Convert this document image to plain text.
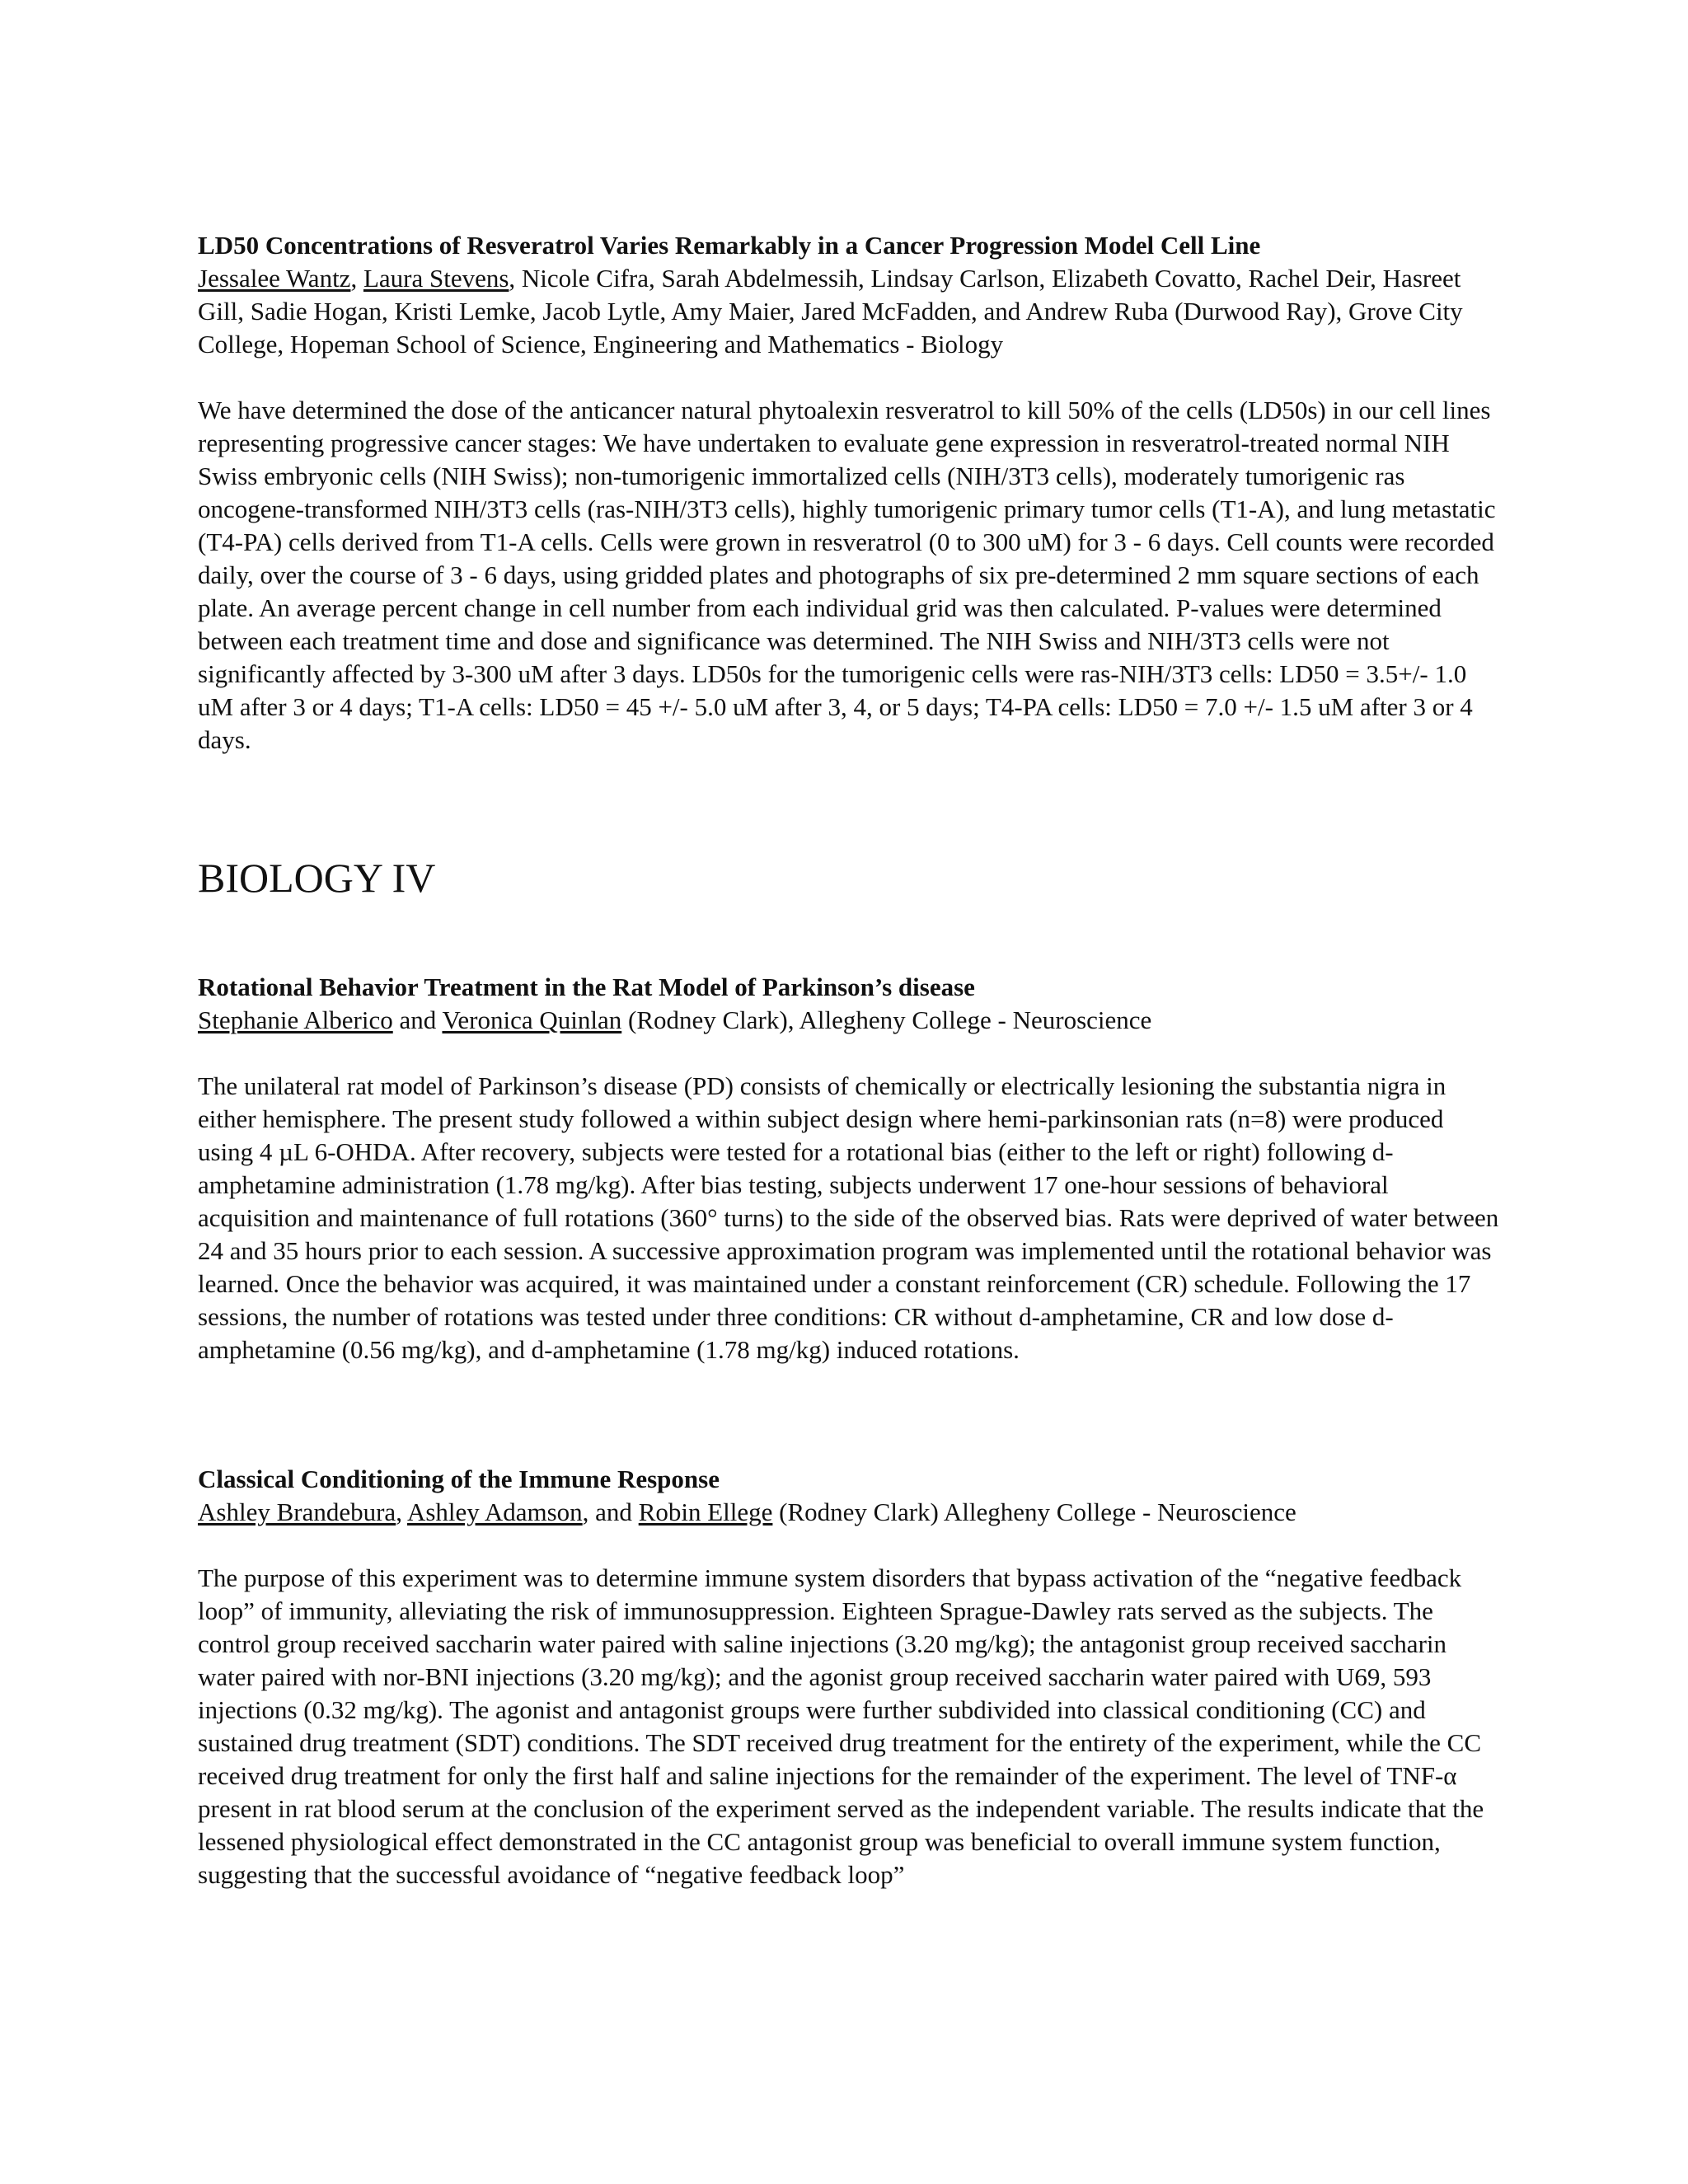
LD50 Concentrations of Resveratrol Varies Remarkably in a Cancer Progression Model Cell Line

Jessalee Wantz, Laura Stevens, Nicole Cifra, Sarah Abdelmessih, Lindsay Carlson, Elizabeth Covatto, Rachel Deir, Hasreet Gill, Sadie Hogan, Kristi Lemke, Jacob Lytle, Amy Maier, Jared McFadden, and Andrew Ruba (Durwood Ray), Grove City College, Hopeman School of Science, Engineering and Mathematics - Biology

We have determined the dose of the anticancer natural phytoalexin resveratrol to kill 50% of the cells (LD50s) in our cell lines representing progressive cancer stages: We have undertaken to evaluate gene expression in resveratrol-treated normal NIH Swiss embryonic cells (NIH Swiss); non-tumorigenic immortalized cells (NIH/3T3 cells), moderately tumorigenic ras oncogene-transformed NIH/3T3 cells (ras-NIH/3T3 cells), highly tumorigenic primary tumor cells (T1-A), and lung metastatic (T4-PA) cells derived from T1-A cells. Cells were grown in resveratrol (0 to 300 uM) for 3 - 6 days. Cell counts were recorded daily, over the course of 3 - 6 days, using gridded plates and photographs of six pre-determined 2 mm square sections of each plate. An average percent change in cell number from each individual grid was then calculated. P-values were determined between each treatment time and dose and significance was determined. The NIH Swiss and NIH/3T3 cells were not significantly affected by 3-300 uM after 3 days. LD50s for the tumorigenic cells were ras-NIH/3T3 cells: LD50 = 3.5+/- 1.0 uM after 3 or 4 days; T1-A cells: LD50 = 45 +/- 5.0 uM after 3, 4, or 5 days; T4-PA cells: LD50 = 7.0 +/- 1.5 uM after 3 or 4 days.

BIOLOGY IV

Rotational Behavior Treatment in the Rat Model of Parkinson’s disease

Stephanie Alberico and Veronica Quinlan (Rodney Clark), Allegheny College - Neuroscience

The unilateral rat model of Parkinson’s disease (PD) consists of chemically or electrically lesioning the substantia nigra in either hemisphere. The present study followed a within subject design where hemi-parkinsonian rats (n=8) were produced using 4 µL 6-OHDA. After recovery, subjects were tested for a rotational bias (either to the left or right) following d-amphetamine administration (1.78 mg/kg). After bias testing, subjects underwent 17 one-hour sessions of behavioral acquisition and maintenance of full rotations (360° turns) to the side of the observed bias. Rats were deprived of water between 24 and 35 hours prior to each session. A successive approximation program was implemented until the rotational behavior was learned. Once the behavior was acquired, it was maintained under a constant reinforcement (CR) schedule. Following the 17 sessions, the number of rotations was tested under three conditions: CR without d-amphetamine, CR and low dose d-amphetamine (0.56 mg/kg), and d-amphetamine (1.78 mg/kg) induced rotations.

Classical Conditioning of the Immune Response

Ashley Brandebura, Ashley Adamson, and Robin Ellege (Rodney Clark) Allegheny College - Neuroscience

The purpose of this experiment was to determine immune system disorders that bypass activation of the “negative feedback loop” of immunity, alleviating the risk of immunosuppression. Eighteen Sprague-Dawley rats served as the subjects. The control group received saccharin water paired with saline injections (3.20 mg/kg); the antagonist group received saccharin water paired with nor-BNI injections (3.20 mg/kg); and the agonist group received saccharin water paired with U69, 593 injections (0.32 mg/kg). The agonist and antagonist groups were further subdivided into classical conditioning (CC) and sustained drug treatment (SDT) conditions. The SDT received drug treatment for the entirety of the experiment, while the CC received drug treatment for only the first half and saline injections for the remainder of the experiment. The level of TNF-α present in rat blood serum at the conclusion of the experiment served as the independent variable. The results indicate that the lessened physiological effect demonstrated in the CC antagonist group was beneficial to overall immune system function, suggesting that the successful avoidance of “negative feedback loop”
